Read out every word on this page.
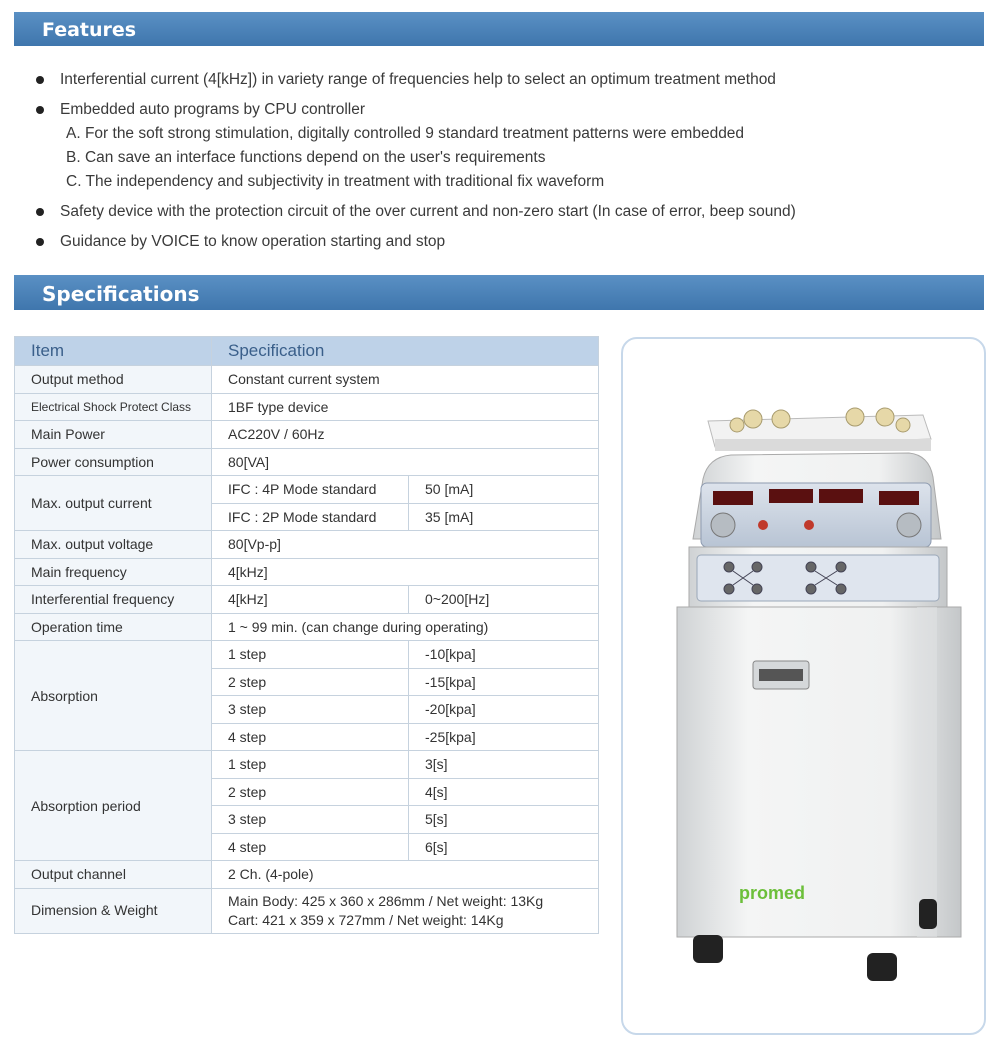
Features
Interferential current (4[kHz]) in variety range of frequencies help to select an optimum treatment method
Embedded auto programs by CPU controller
A. For the soft strong stimulation, digitally controlled 9 standard treatment patterns were embedded
B. Can save an interface functions depend on the user's requirements
C. The independency and subjectivity in treatment with traditional fix waveform
Safety device with the protection circuit of the over current and non-zero start (In case of error, beep sound)
Guidance by VOICE to know operation starting and stop
Specifications
Item	Specification	
Output method	Constant current system	
Electrical Shock Protect Class	1BF type device	
Main Power	AC220V / 60Hz	
Power consumption	80[VA]	
Max. output current	IFC : 4P Mode standard	50 [mA]
	IFC : 2P Mode standard	35 [mA]
Max. output voltage	80[Vp-p]	
Main frequency	4[kHz]	
Interferential frequency	4[kHz]	0~200[Hz]
Operation time	1 ~ 99 min. (can change during operating)	
Absorption	1 step	-10[kpa]
	2 step	-15[kpa]
	3 step	-20[kpa]
	4 step	-25[kpa]
Absorption period	1 step	3[s]
	2 step	4[s]
	3 step	5[s]
	4 step	6[s]
Output channel	2 Ch. (4-pole)	
Dimension & Weight	Main Body: 425 x 360 x 286mm / Net weight: 13Kg
Cart: 421 x 359 x 727mm / Net weight: 14Kg	
promed
